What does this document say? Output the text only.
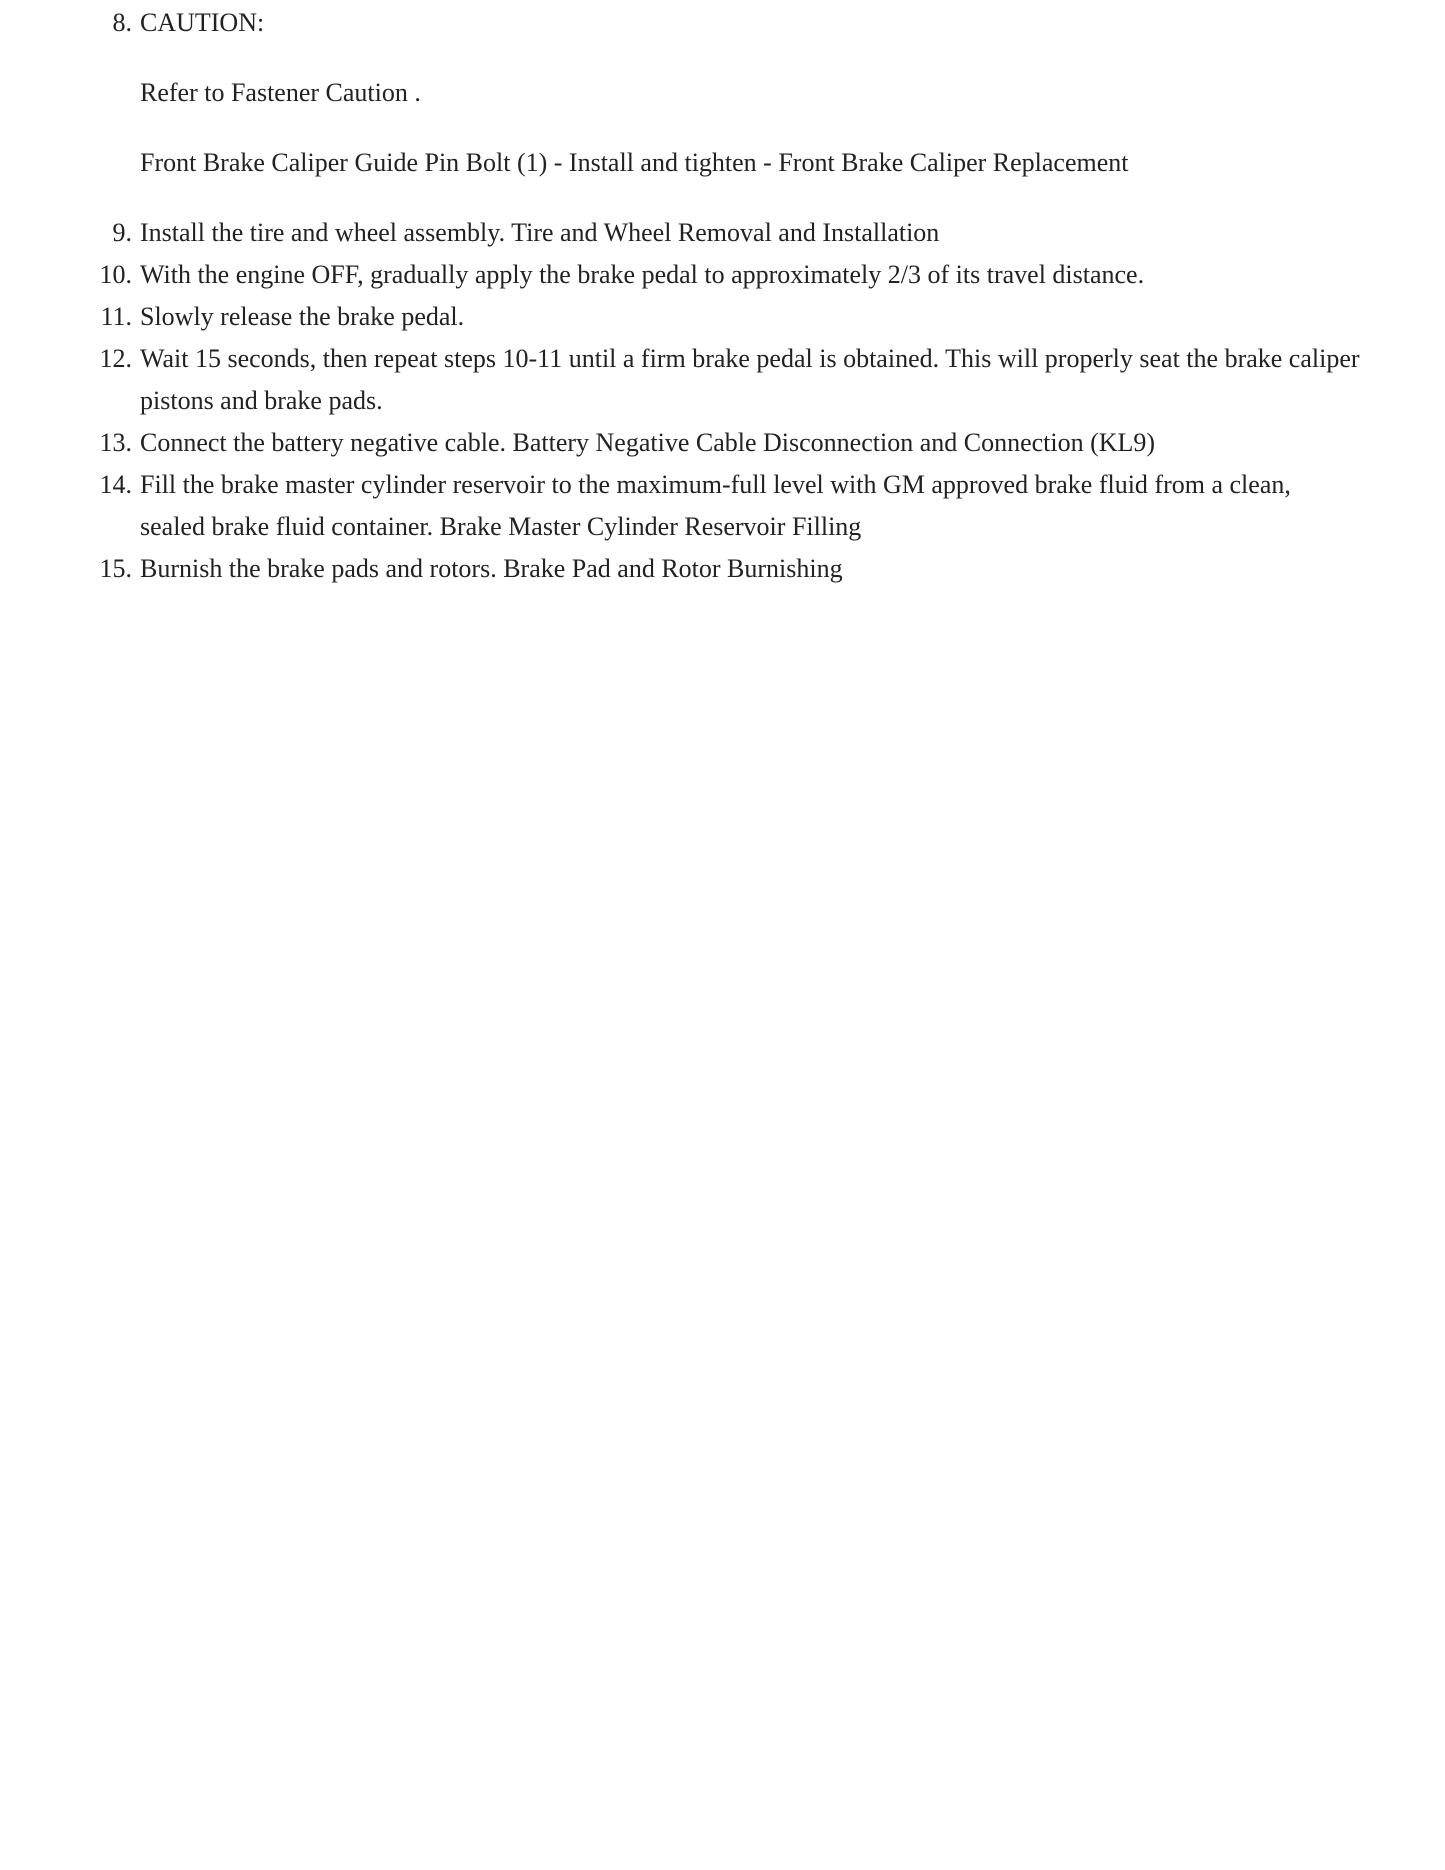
8. CAUTION:
Refer to Fastener Caution .
Front Brake Caliper Guide Pin Bolt (1) - Install and tighten - Front Brake Caliper Replacement
9. Install the tire and wheel assembly. Tire and Wheel Removal and Installation
10. With the engine OFF, gradually apply the brake pedal to approximately 2/3 of its travel distance.
11. Slowly release the brake pedal.
12. Wait 15 seconds, then repeat steps 10-11 until a firm brake pedal is obtained. This will properly seat the brake caliper pistons and brake pads.
13. Connect the battery negative cable. Battery Negative Cable Disconnection and Connection (KL9)
14. Fill the brake master cylinder reservoir to the maximum-full level with GM approved brake fluid from a clean, sealed brake fluid container. Brake Master Cylinder Reservoir Filling
15. Burnish the brake pads and rotors. Brake Pad and Rotor Burnishing
